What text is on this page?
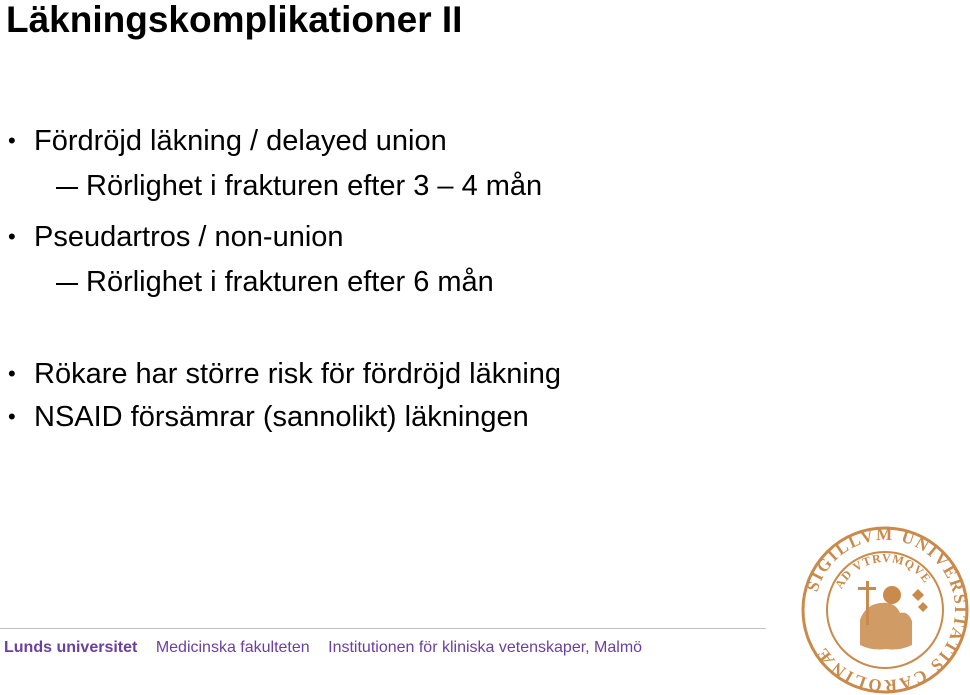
Läkningskomplikationer II
• Fördröjd läkning / delayed union
Rörlighet i frakturen efter 3 – 4 mån
• Pseudartros / non-union
Rörlighet i frakturen efter 6 mån
• Rökare har större risk för fördröjd läkning
• NSAID försämrar (sannolikt) läkningen
Lunds universitet Medicinska fakulteten Institutionen för kliniska vetenskaper, Malmö
SIGILLVM UNIVERSITATIS CAROLINÆ
AD VTRVMQVE
